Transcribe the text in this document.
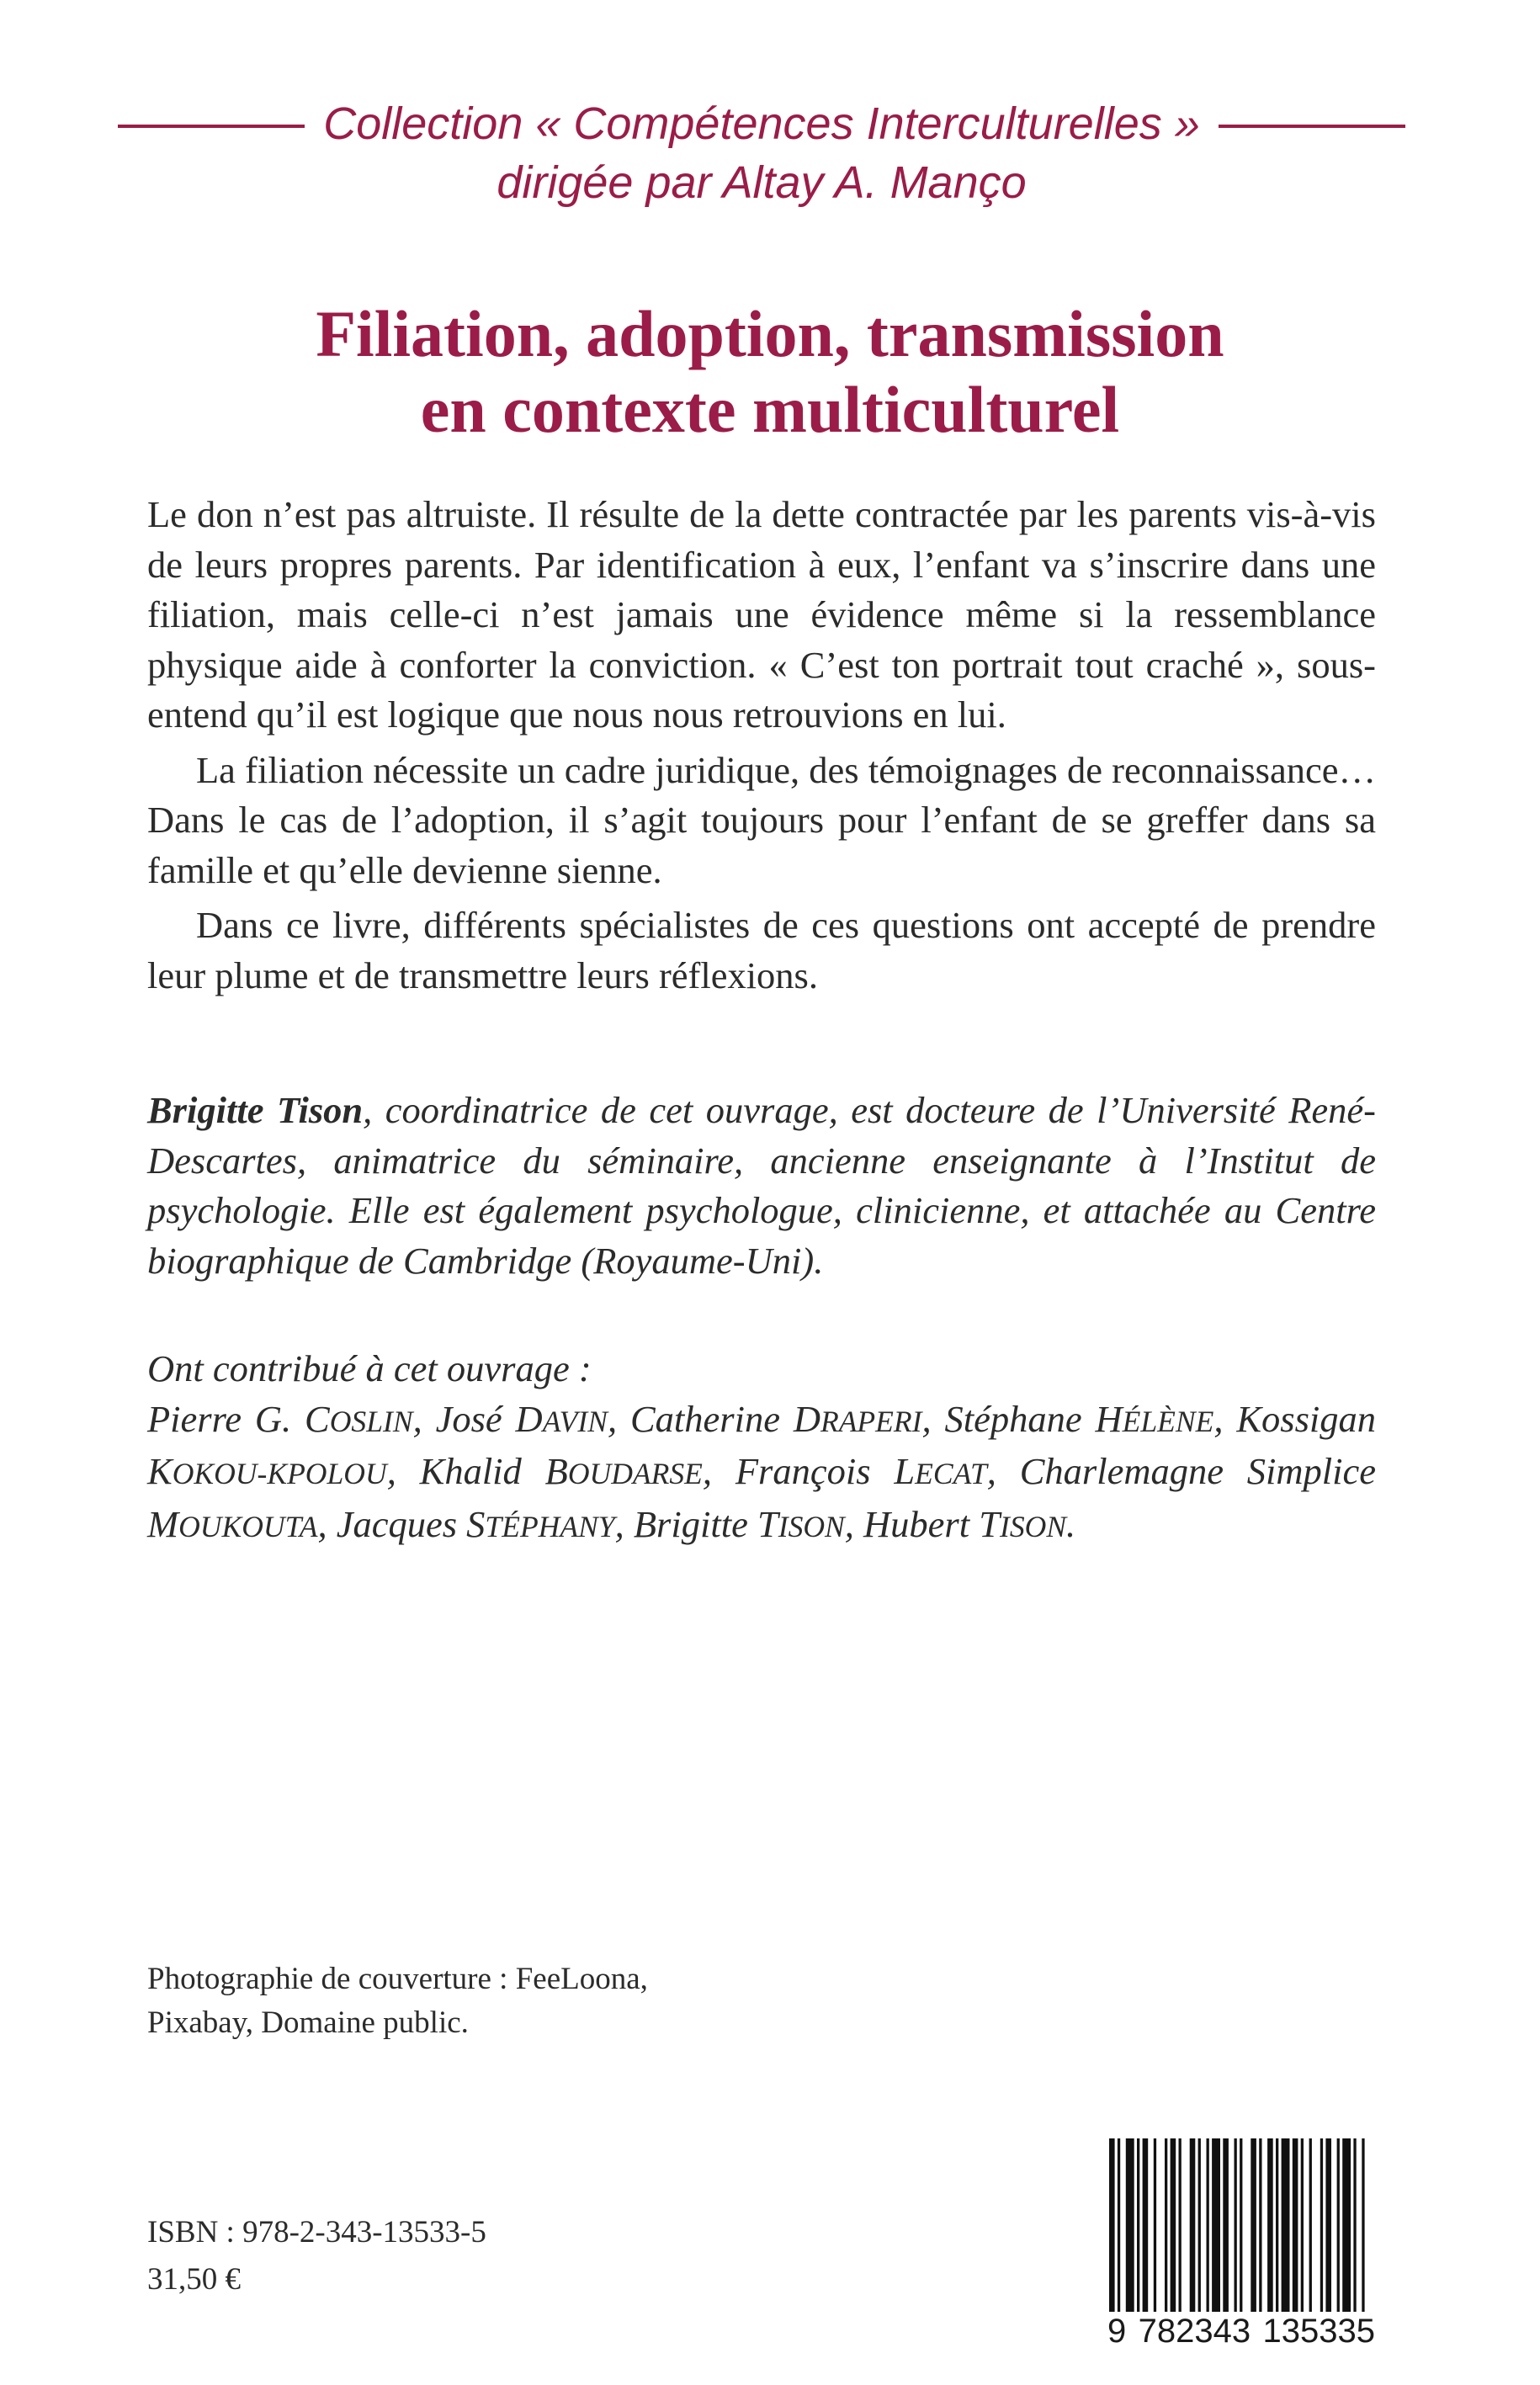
Collection « Compétences Interculturelles »
dirigée par Altay A. Mançо
Filiation, adoption, transmission
en contexte multiculturel

Le don n’est pas altruiste. Il résulte de la dette contractée par les parents vis-à-vis de leurs propres parents. Par identification à eux, l’enfant va s’inscrire dans une filiation, mais celle-ci n’est jamais une évidence même si la ressemblance physique aide à conforter la conviction. « C’est ton portrait tout craché », sous-entend qu’il est logique que nous nous retrouvions en lui.

La filiation nécessite un cadre juridique, des témoignages de reconnaissance… Dans le cas de l’adoption, il s’agit toujours pour l’enfant de se greffer dans sa famille et qu’elle devienne sienne.

Dans ce livre, différents spécialistes de ces questions ont accepté de prendre leur plume et de transmettre leurs réflexions.

Brigitte Tison, coordinatrice de cet ouvrage, est docteure de l’Université René-Descartes, animatrice du séminaire, ancienne enseignante à l’Institut de psychologie. Elle est également psychologue, clinicienne, et attachée au Centre biographique de Cambridge (Royaume-Uni).
Ont contribué à cet ouvrage :
Pierre G. COSLIN, José DAVIN, Catherine DRAPERI, Stéphane HÉLÈNE, Kossigan KOKOU-KPOLOU, Khalid BOUDARSE, François LECAT, Charlemagne Simplice MOUKOUTA, Jacques STÉPHANY, Brigitte TISON, Hubert TISON.
Photographie de couverture : FeeLoona,
Pixabay, Domaine public.
ISBN : 978-2-343-13533-5
31,50 €
9 782343 135335
